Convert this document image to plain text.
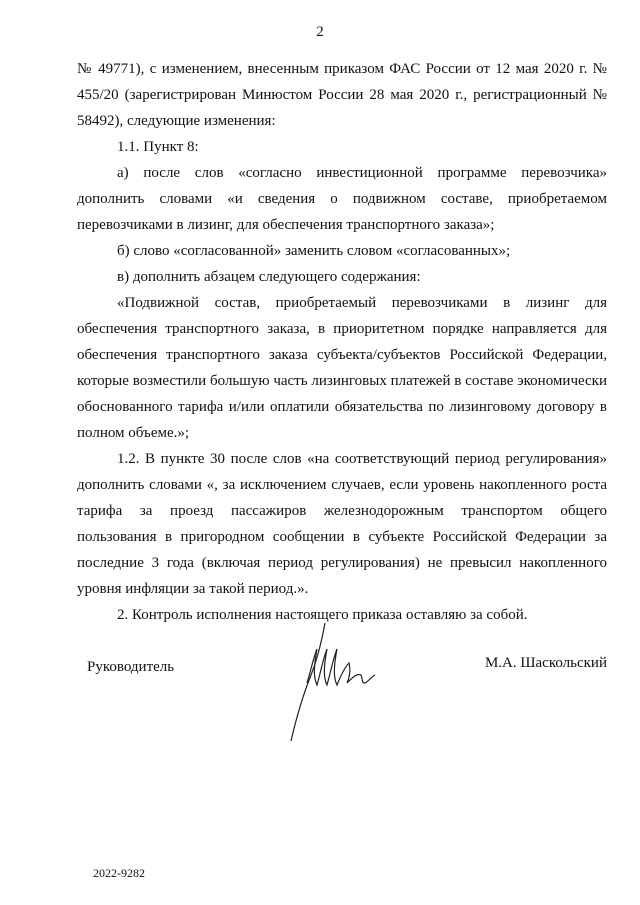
2

№ 49771), с изменением, внесенным приказом ФАС России от 12 мая 2020 г. № 455/20 (зарегистрирован Минюстом России 28 мая 2020 г., регистрационный № 58492), следующие изменения:

1.1. Пункт 8:

а) после слов «согласно инвестиционной программе перевозчика» дополнить словами «и сведения о подвижном составе, приобретаемом перевозчиками в лизинг, для обеспечения транспортного заказа»;

б) слово «согласованной» заменить словом «согласованных»;

в) дополнить абзацем следующего содержания:

«Подвижной состав, приобретаемый перевозчиками в лизинг для обеспечения транспортного заказа, в приоритетном порядке направляется для обеспечения транспортного заказа субъекта/субъектов Российской Федерации, которые возместили большую часть лизинговых платежей в составе экономически обоснованного тарифа и/или оплатили обязательства по лизинговому договору в полном объеме.»;

1.2. В пункте 30 после слов «на соответствующий период регулирования» дополнить словами «, за исключением случаев, если уровень накопленного роста тарифа за проезд пассажиров железнодорожным транспортом общего пользования в пригородном сообщении в субъекте Российской Федерации за последние 3 года (включая период регулирования) не превысил накопленного уровня инфляции за такой период.».

2. Контроль исполнения настоящего приказа оставляю за собой.

Руководитель	М.А. Шаскольский
2022-9282
